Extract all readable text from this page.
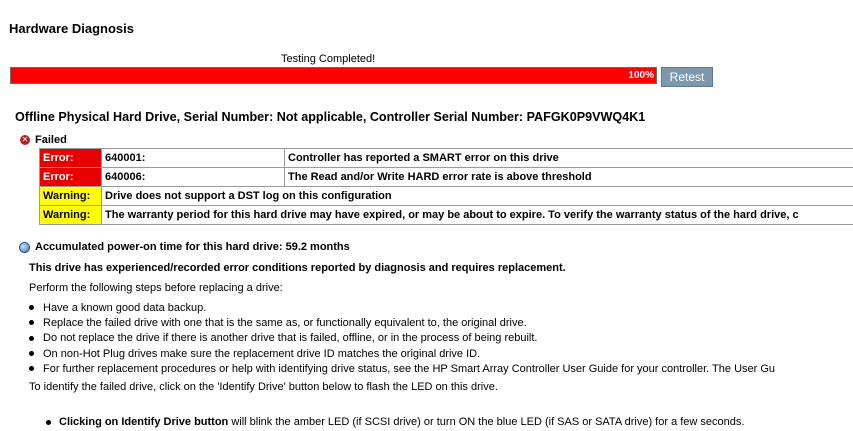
Hardware Diagnosis
Testing Completed!
100%	Retest
Offline Physical Hard Drive, Serial Number: Not applicable, Controller Serial Number: PAFGK0P9VWQ4K1
✕ Failed
Error:	640001:	Controller has reported a SMART error on this drive
Error:	640006:	The Read and/or Write HARD error rate is above threshold
Warning:	Drive does not support a DST log on this configuration	
Warning:	The warranty period for this hard drive may have expired, or may be about to expire. To verify the warranty status of the hard drive, c	
Accumulated power-on time for this hard drive: 59.2 months
This drive has experienced/recorded error conditions reported by diagnosis and requires replacement.
Perform the following steps before replacing a drive:
Have a known good data backup.
Replace the failed drive with one that is the same as, or functionally equivalent to, the original drive.
Do not replace the drive if there is another drive that is failed, offline, or in the process of being rebuilt.
On non-Hot Plug drives make sure the replacement drive ID matches the original drive ID.
For further replacement procedures or help with identifying drive status, see the HP Smart Array Controller User Guide for your controller. The User Gu
To identify the failed drive, click on the 'Identify Drive' button below to flash the LED on this drive.
Clicking on Identify Drive button will blink the amber LED (if SCSI drive) or turn ON the blue LED (if SAS or SATA drive) for a few seconds.
